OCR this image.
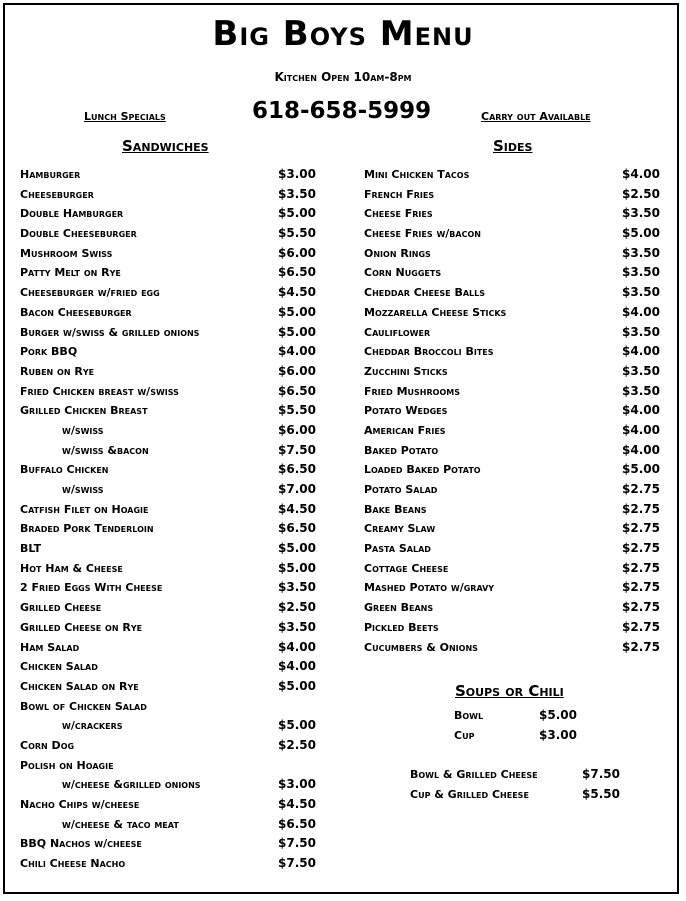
Big Boys Menu
Kitchen Open 10am-8pm
Lunch Specials	618-658-5999	Carry out Available
Sandwiches	Sides
Hamburger	$3.00
Cheeseburger	$3.50
Double Hamburger	$5.00
Double Cheeseburger	$5.50
Mushroom Swiss	$6.00
Patty Melt on Rye	$6.50
Cheeseburger w/fried egg	$4.50
Bacon Cheeseburger	$5.00
Burger w/swiss & grilled onions	$5.00
Pork BBQ	$4.00
Ruben on Rye	$6.00
Fried Chicken breast w/swiss	$6.50
Grilled Chicken Breast	$5.50
w/swiss	$6.00
w/swiss &bacon	$7.50
Buffalo Chicken	$6.50
w/swiss	$7.00
Catfish Filet on Hoagie	$4.50
Braded Pork Tenderloin	$6.50
BLT	$5.00
Hot Ham & Cheese	$5.00
2 Fried Eggs With Cheese	$3.50
Grilled Cheese	$2.50
Grilled Cheese on Rye	$3.50
Ham Salad	$4.00
Chicken Salad	$4.00
Chicken Salad on Rye	$5.00
Bowl of Chicken Salad
w/crackers	$5.00
Corn Dog	$2.50
Polish on Hoagie
w/cheese &grilled onions	$3.00
Nacho Chips w/cheese	$4.50
w/cheese & taco meat	$6.50
BBQ Nachos w/cheese	$7.50
Chili Cheese Nacho	$7.50
Mini Chicken Tacos	$4.00
French Fries	$2.50
Cheese Fries	$3.50
Cheese Fries w/bacon	$5.00
Onion Rings	$3.50
Corn Nuggets	$3.50
Cheddar Cheese Balls	$3.50
Mozzarella Cheese Sticks	$4.00
Cauliflower	$3.50
Cheddar Broccoli Bites	$4.00
Zucchini Sticks	$3.50
Fried Mushrooms	$3.50
Potato Wedges	$4.00
American Fries	$4.00
Baked Potato	$4.00
Loaded Baked Potato	$5.00
Potato Salad	$2.75
Bake Beans	$2.75
Creamy Slaw	$2.75
Pasta Salad	$2.75
Cottage Cheese	$2.75
Mashed Potato w/gravy	$2.75
Green Beans	$2.75
Pickled Beets	$2.75
Cucumbers & Onions	$2.75
Soups or Chili
Bowl	$5.00
Cup	$3.00
Bowl & Grilled Cheese	$7.50
Cup & Grilled Cheese	$5.50
